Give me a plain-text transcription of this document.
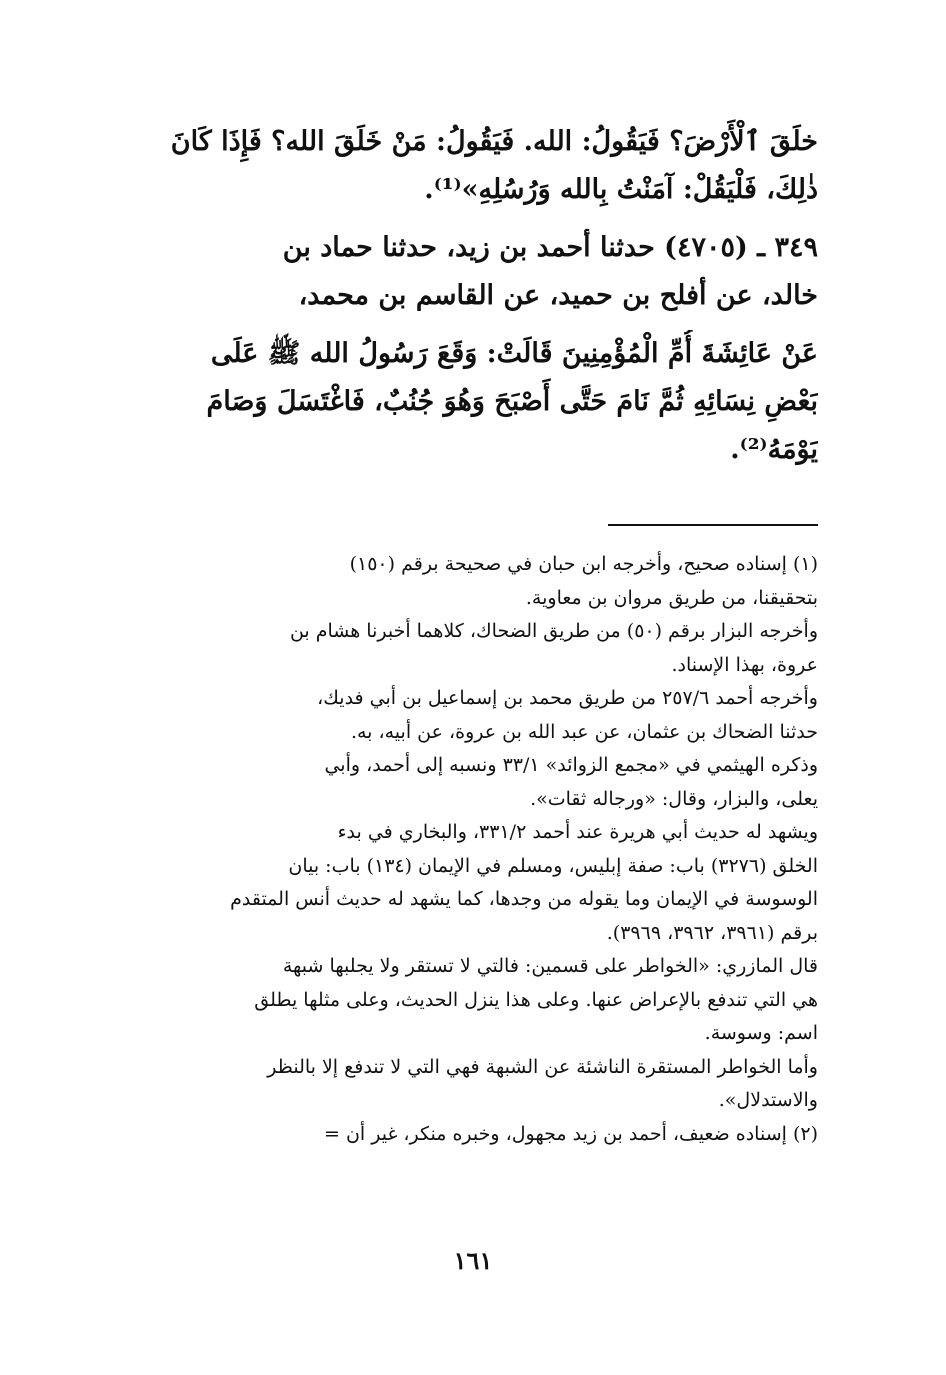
خلَقَ ٱلْأَرْضَ؟ فَيَقُولُ: الله. فَيَقُولُ: مَنْ خَلَقَ الله؟ فَإِذَا كَانَ
ذٰلِكَ، فَلْيَقُلْ: آمَنْتُ بِالله وَرُسُلِهِ»⁽¹⁾.
٣٤٩ ـ (٤٧٠٥) حدثنا أحمد بن زيد، حدثنا حماد بن
خالد، عن أفلح بن حميد، عن القاسم بن محمد،
عَنْ عَائِشَةَ أُمِّ الْمُؤْمِنِينَ قَالَتْ: وَقَعَ رَسُولُ الله ﷺ عَلَى
بَعْضِ نِسَائِهِ ثُمَّ نَامَ حَتَّى أَصْبَحَ وَهُوَ جُنُبٌ، فَاغْتَسَلَ وَصَامَ
يَوْمَهُ⁽²⁾.
(١) إسناده صحيح، وأخرجه ابن حبان في صحيحة برقم (١٥٠)
بتحقيقنا، من طريق مروان بن معاوية.
وأخرجه البزار برقم (٥٠) من طريق الضحاك، كلاهما أخبرنا هشام بن
عروة، بهذا الإسناد.
وأخرجه أحمد ٢٥٧/٦ من طريق محمد بن إسماعيل بن أبي فديك،
حدثنا الضحاك بن عثمان، عن عبد الله بن عروة، عن أبيه، به.
وذكره الهيثمي في «مجمع الزوائد» ٣٣/١ ونسبه إلى أحمد، وأبي
يعلى، والبزار، وقال: «ورجاله ثقات».
ويشهد له حديث أبي هريرة عند أحمد ٣٣١/٢، والبخاري في بدء
الخلق (٣٢٧٦) باب: صفة إبليس، ومسلم في الإيمان (١٣٤) باب: بيان
الوسوسة في الإيمان وما يقوله من وجدها، كما يشهد له حديث أنس المتقدم
برقم (٣٩٦١، ٣٩٦٢، ٣٩٦٩).
قال المازري: «الخواطر على قسمين: فالتي لا تستقر ولا يجلبها شبهة
هي التي تندفع بالإعراض عنها. وعلى هذا ينزل الحديث، وعلى مثلها يطلق
اسم: وسوسة.
وأما الخواطر المستقرة الناشئة عن الشبهة فهي التي لا تندفع إلا بالنظر
والاستدلال».
(٢) إسناده ضعيف، أحمد بن زيد مجهول، وخبره منكر، غير أن =
١٦١
